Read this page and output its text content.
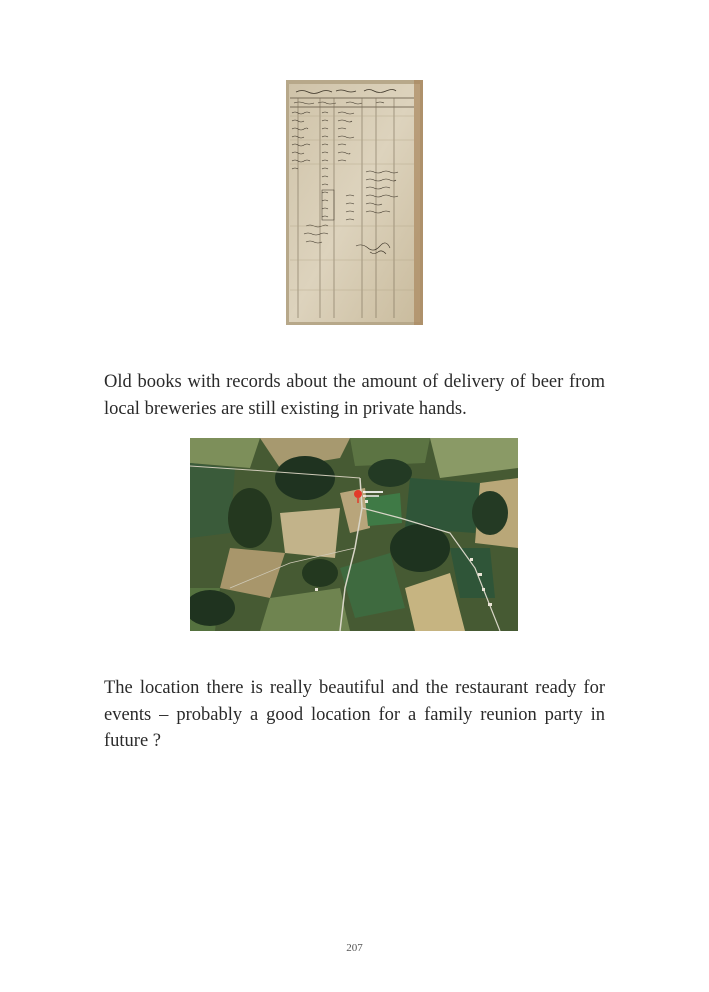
Old books with records about the amount of delivery of beer from local breweries are still existing in private hands.

The location there is really beautiful and the restaurant ready for events – probably a good location for a family reunion party in future ?

207
